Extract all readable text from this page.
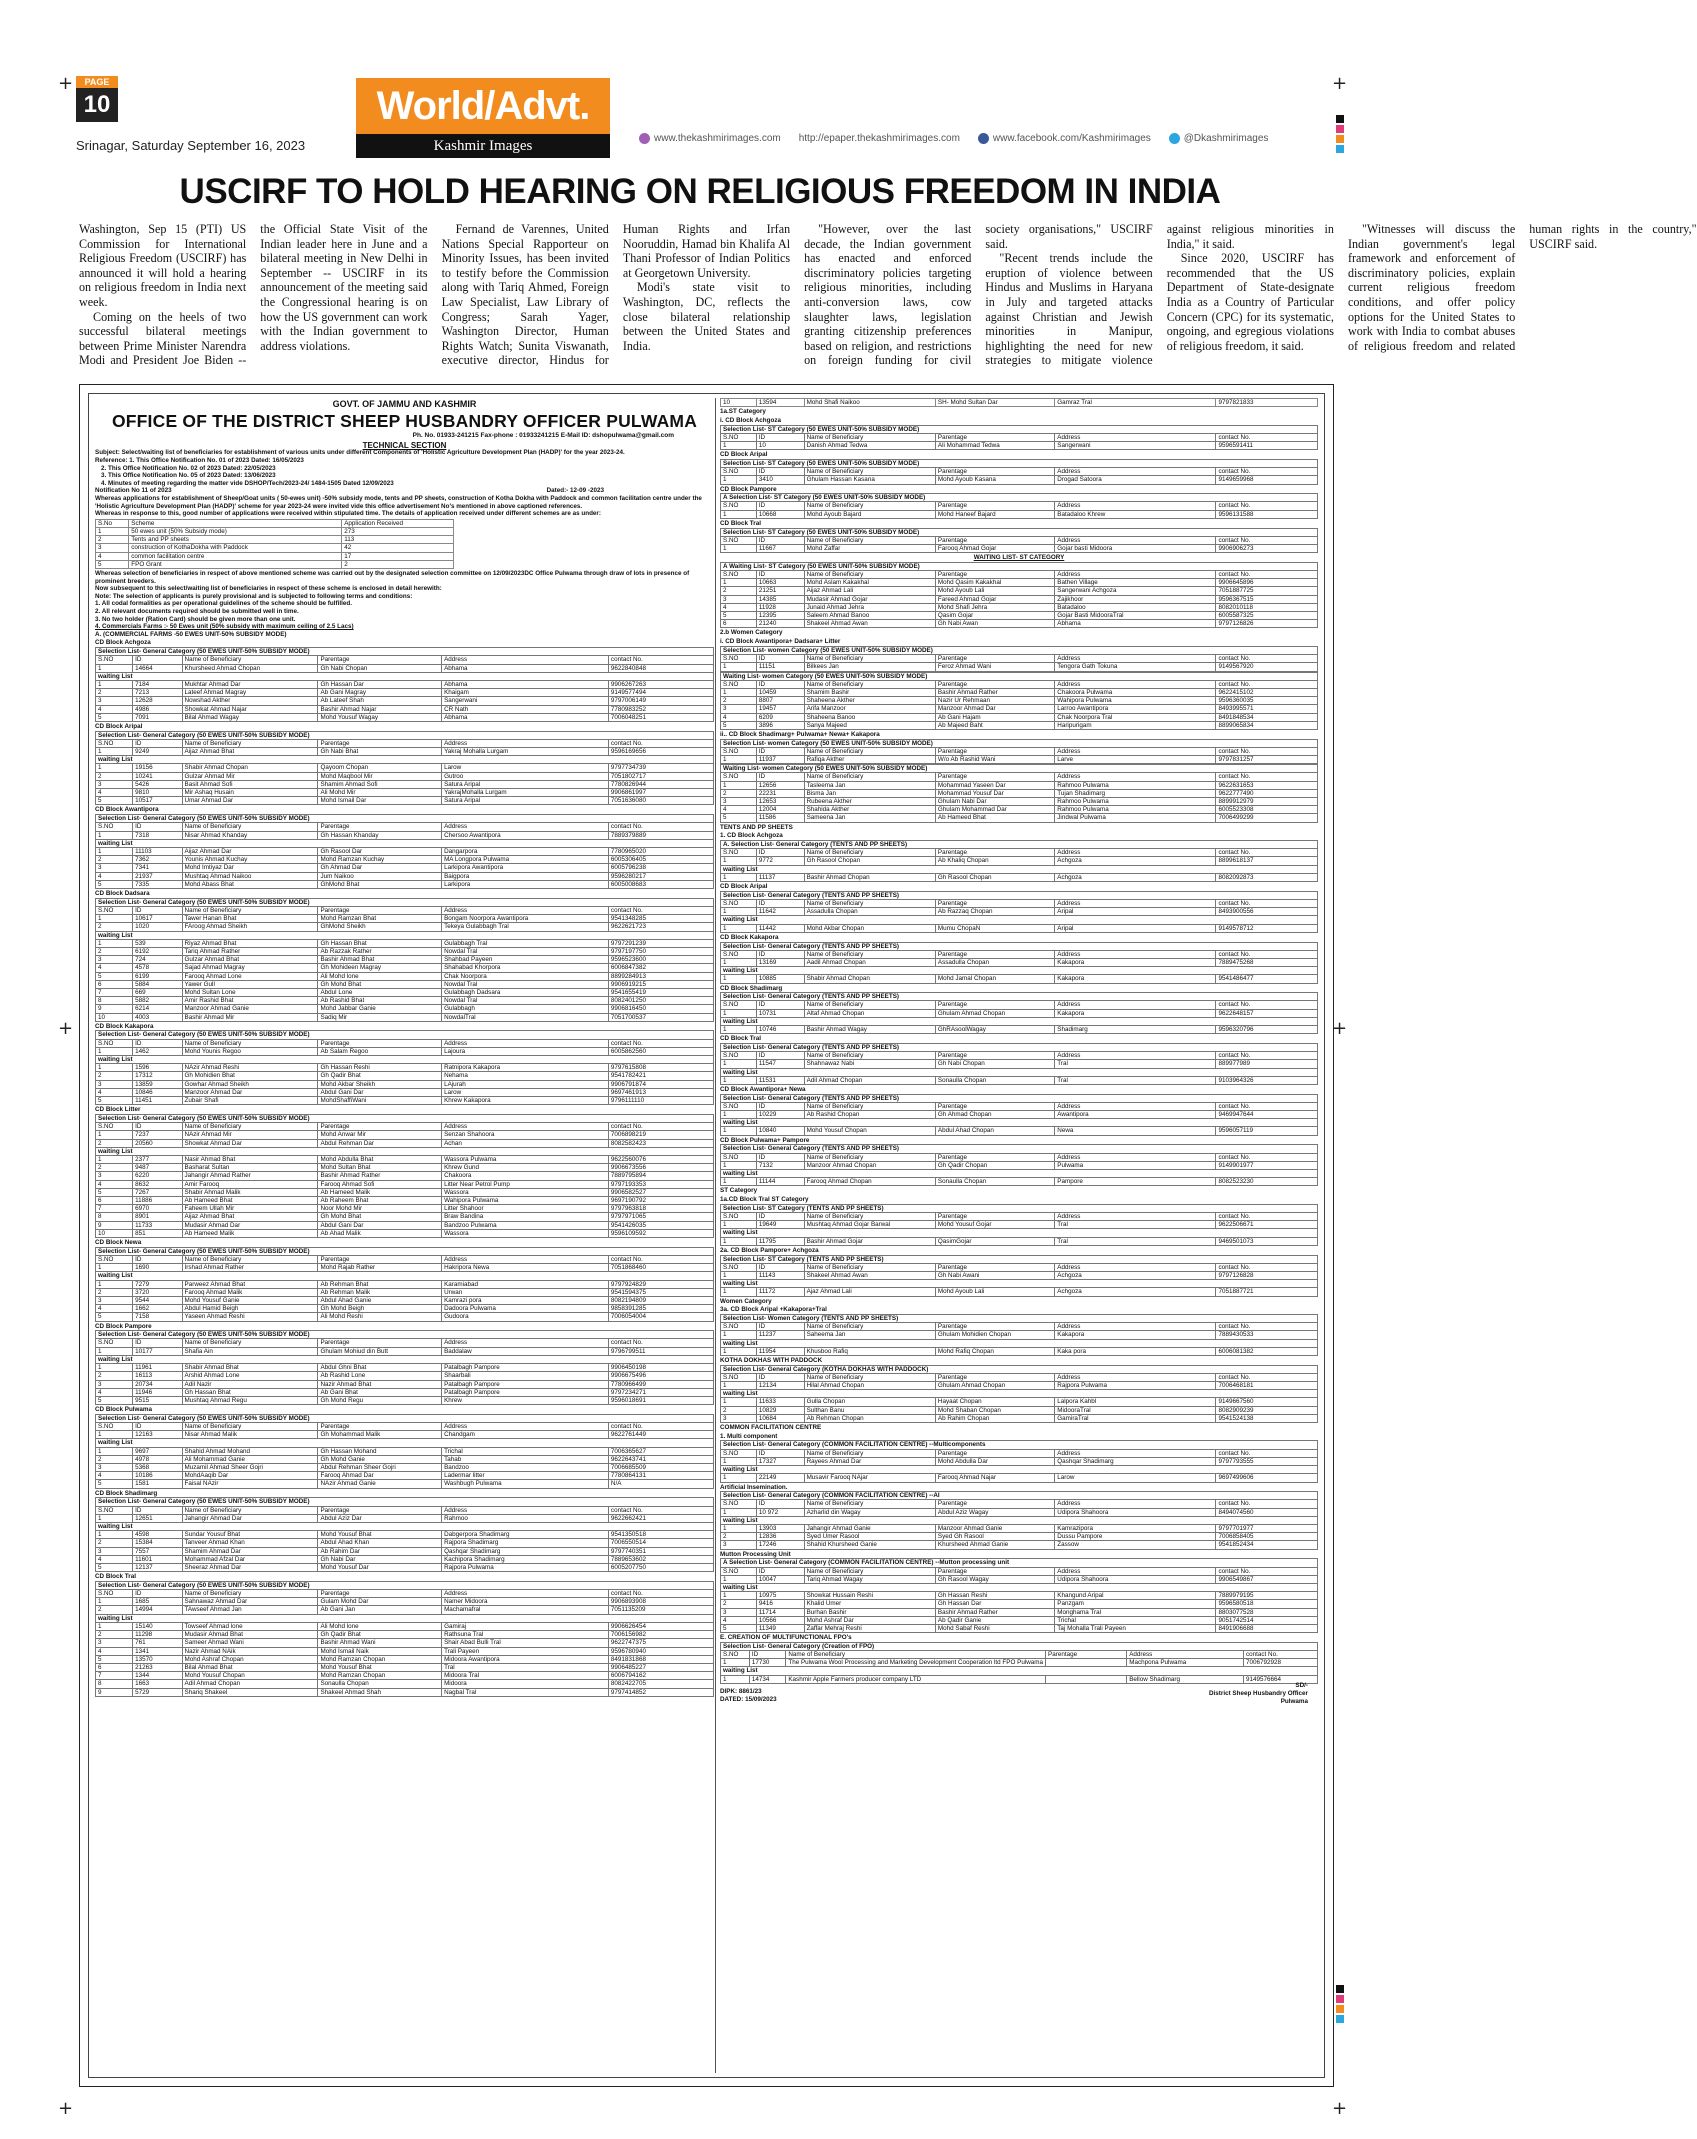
+	+
+	+
+	+
PAGE
10
Srinagar, Saturday September 16, 2023
World/Advt.
Kashmir Images	www.thekashmirimages.com http://epaper.thekashmirimages.com	www.facebook.com/Kashmirimages	@Dkashmirimages
USCIRF TO HOLD HEARING ON RELIGIOUS FREEDOM IN INDIA

Washington, Sep 15 (PTI) US Commission for International Religious Freedom (USCIRF) has announced it will hold a hearing on religious freedom in India next week.

Coming on the heels of two successful bilateral meetings between Prime Minister Narendra Modi and President Joe Biden -- the Official State Visit of the Indian leader here in June and a bilateral meeting in New Delhi in September -- USCIRF in its announcement of the meeting said the Congressional hearing is on how the US government can work with the Indian government to address violations.

Fernand de Varennes, United Nations Special Rapporteur on Minority Issues, has been invited to testify before the Commission along with Tariq Ahmed, Foreign Law Specialist, Law Library of Congress; Sarah Yager, Washington Director, Human Rights Watch; Sunita Viswanath, executive director, Hindus for Human Rights and Irfan Nooruddin, Hamad bin Khalifa Al Thani Professor of Indian Politics at Georgetown University.

Modi's state visit to Washington, DC, reflects the close bilateral relationship between the United States and India.

"However, over the last decade, the Indian government has enacted and enforced discriminatory policies targeting religious minorities, including anti-conversion laws, cow slaughter laws, legislation granting citizenship preferences based on religion, and restrictions on foreign funding for civil society organisations," USCIRF said.

"Recent trends include the eruption of violence between Hindus and Muslims in Haryana in July and targeted attacks against Christian and Jewish minorities in Manipur, highlighting the need for new strategies to mitigate violence against religious minorities in India," it said.

Since 2020, USCIRF has recommended that the US Department of State-designate India as a Country of Particular Concern (CPC) for its systematic, ongoing, and egregious violations of religious freedom, it said.

"Witnesses will discuss the Indian government's legal framework and enforcement of discriminatory policies, explain current religious freedom conditions, and offer policy options for the United States to work with India to combat abuses of religious freedom and related human rights in the country," USCIRF said.

GOVT. OF JAMMU AND KASHMIR
OFFICE OF THE DISTRICT SHEEP HUSBANDRY OFFICER PULWAMA
Ph. No. 01933-241215 Fax-phone : 01933241215 E-Mail ID: dshopulwama@gmail.com
TECHNICAL SECTION
Subject: Select/waiting list of beneficiaries for establishment of various units under different Components of 'Holistic Agriculture Development Plan (HADP)' for the year 2023-24.
Reference: 1. This Office Notification No. 01 of 2023 Dated: 16/05/2023
2. This Office Notification No. 02 of 2023 Dated: 22/05/2023
3. This Office Notification No. 05 of 2023 Dated: 13/06/2023
4. Minutes of meeting regarding the matter vide DSHOP/Tech/2023-24/ 1484-1505 Dated 12/09/2023
Notification No 11 of 2023	Dated:- 12-09 -2023
Whereas applications for establishment of Sheep/Goat units ( 50-ewes unit) -50% subsidy mode, tents and PP sheets, construction of Kotha Dokha with Paddock and common facilitation centre under the 'Holistic Agriculture Development Plan (HADP)' scheme for year 2023-24 were invited vide this office advertisement No's mentioned in above captioned references.
Whereas in response to this, good number of applications were received within stipulated time. The details of application received under different schemes are as under:
S.No	Scheme	Application Received
1	50 ewes unit (50% Subsidy mode)	273
2	Tents and PP sheets	113
3	construction of KothaDokha with Paddock	42
4	common facilitation centre	17
5	FPO Grant	2
Whereas selection of beneficiaries in respect of above mentioned scheme was carried out by the designated selection committee on 12/09/2023DC Office Pulwama through draw of lots in presence of prominent breeders.
Now subsequent to this select/waiting list of beneficiaries in respect of these scheme is enclosed in detail herewith:
Note: The selection of applicants is purely provisional and is subjected to following terms and conditions:
1. All codal formalities as per operational guidelines of the scheme should be fulfilled.
2. All relevant documents required should be submitted well in time.
3. No two holder (Ration Card) should be given more than one unit.
4. Commercials Farms :- 50 Ewes unit (50% subsidy with maximum ceiling of 2.5 Lacs)
A. (COMMERCIAL FARMS -50 EWES UNIT-50% SUBSIDY MODE)
CD Block Achgoza
Selection List- General Category (50 EWES UNIT-50% SUBSIDY MODE)					
S.NO	ID	Name of Beneficiary	Parentage	Address	contact No.
1	14664	Khursheed Ahmad Chopan	Gh Nabi Chopan	Abhama	9622840848
waiting List					
1	7184	Mukhtar Ahmad Dar	Gh Hassan Dar	Abhama	9906267263
2	7213	Lateef Ahmad Magray	Ab Gani Magray	Khaigam	9149577494
3	12628	Nowshad Akther	Ab Lateef Shah	Sangerwani	9797006149
4	4986	Showkat Ahmad Najar	Bashir Ahmad Najar	CR Nath	7780983252
5	7091	Bilal Ahmad Wagay	Mohd Yousuf Wagay	Abhama	7006048251
CD Block Aripal
Selection List- General Category (50 EWES UNIT-50% SUBSIDY MODE)					
S.NO	ID	Name of Beneficiary	Parentage	Address	contact No.
1	9249	Aijaz Ahmad Bhat	Gh Nabi Bhat	Yakraj Mohalla Lurgam	9596169656
waiting List					
1	19156	Shabir Ahmad Chopan	Qayoom Chopan	Larow	9797734739
2	10241	Gulzar Ahmad Mir	Mohd Maqbool Mir	Gutroo	7051802717
3	5426	Basit Ahmad Sofi	Shamim Ahmad Sofi	Satura Aripal	7780826944
4	9810	Mir Ashaq Husain	Ali Mohd Mir	YakrajMohalla Lurgam	9906861997
5	10517	Umar Ahmad Dar	Mohd Ismail Dar	Satura Aripal	7051636080
CD Block Awantipora
Selection List- General Category (50 EWES UNIT-50% SUBSIDY MODE)					
S.NO	ID	Name of Beneficiary	Parentage	Address	contact No.
1	7318	Nisar Ahmad Khanday	Gh Hassan Khanday	Chersoo Awantipora	7889379889
waiting List					
1	11103	Aijaz Ahmad Dar	Gh Rasool Dar	Dangarpora	7780965020
2	7362	Younis Ahmad Kuchay	Mohd Ramzan Kuchay	MA Longpora Pulwama	6005306405
3	7341	Mohd Imtiyaz Dar	Gh Ahmad Dar	Larkipora Awantipora	6005796238
4	21937	Mushtaq Ahmad Naikoo	Jum Naikoo	Baigpora	9596280217
5	7335	Mohd Abass Bhat	GhMohd Bhat	Larkipora	6005008683
CD Block Dadsara
Selection List- General Category (50 EWES UNIT-50% SUBSIDY MODE)					
S.NO	ID	Name of Beneficiary	Parentage	Address	contact No.
1	10617	Tawer Hanan Bhat	Mohd Ramzan Bhat	Bongam Noorpora Awantipora	9541348285
2	1020	FAroog Ahmad Sheikh	GhMohd Sheikh	Tekeya Gulabbagh Tral	9622621723
waiting List					
1	539	Riyaz Ahmad Bhat	Gh Hassan Bhat	Gulabbagh Tral	9797291239
2	6192	Tariq Ahmad Rather	Ab Razzak Rather	Nowdal Tral	9797197750
3	724	Gulzar Ahmad Bhat	Bashir Ahmad Bhat	Shahbad Payeen	9596523600
4	4578	Sajad Ahmad Magray	Gh Mohideen Magray	Shahabad Khorpora	6006847382
5	6199	Farooq Ahmad Lone	Ali Mohd lone	Chak Noorpora	8899284913
6	5884	Yawer Gull	Gh Mohd Bhat	Nowdal Tral	9906919215
7	669	Mohd Sultan Lone	Abdul Lone	Gulabbagh Dadsara	9541655419
8	5882	Amir Rashid Bhat	Ab Rashid Bhat	Nowdal Tral	8082401250
9	6214	Manzoor Ahmad Ganie	Mohd Jabbar Ganie	Gulabbagh	9906816450
10	4003	Bashir Ahmad Mir	Sadiq Mir	NowdalTral	7051700537
CD Block Kakapora
Selection List- General Category (50 EWES UNIT-50% SUBSIDY MODE)					
S.NO	ID	Name of Beneficiary	Parentage	Address	contact No.
1	1462	Mohd Younis Regoo	Ab Salam Regoo	Lajoura	6005862560
waiting List					
1	1596	NAzir Ahmad Reshi	Gh Hassan Reshi	Ratnipora Kakapora	9797615808
2	17312	Gh Mohidien Bhat	Gh Qadir Bhat	Nehama	9541782421
3	13859	Gowhar Ahmad Sheikh	Mohd Akbar Sheikh	LAjurah	9906791874
4	10846	Manzoor Ahmad Dar	Abdul Gani Dar	Larow	9697461913
5	11451	Zubair Shafi	MohdShaffiWani	Khrew Kakapora	9796111110
CD Block Litter
Selection List- General Category (50 EWES UNIT-50% SUBSIDY MODE)					
S.NO	ID	Name of Beneficiary	Parentage	Address	contact No.
1	7237	NAzir Ahmad Mir	Mohd Anwar Mir	Senzan Shahoora	7006898219
2	20560	Showkat Ahmad Dar	Abdul Rehman Dar	Achan	8082582423
waiting List					
1	2377	Nasir Ahmad Bhat	Mohd Abdulla Bhat	Wassora Pulwama	9622560076
2	9487	Basharat Sultan	Mohd Sultan Bhat	Khrew Gund	9906673556
3	6220	Jahangir Ahmad Rather	Bashir Ahmad Rather	Chakoora	7889795894
4	8632	Amir Farooq	Farooq Ahmad Sofi	Litter Near Petrol Pump	9797193353
5	7267	Shabir Ahmad Malik	Ab Hameed Malik	Wassora	9906582527
6	11886	Ab Hameed Bhat	Ab Raheem Bhat	Wahipora Pulwama	9697190792
7	6970	Faheem Ullah Mir	Noor Mohd Mir	Litter Shahoor	9797963818
8	8901	Aijaz Ahmad Bhat	Gh Mohd Bhat	Braw Bandina	9797971065
9	11733	Mudasir Ahmad Dar	Abdul Gani Dar	Bandzoo Pulwama	9541426035
10	851	Ab Hameed Malik	Ab Ahad Malik	Wassora	9596109592
CD Block Newa
Selection List- General Category (50 EWES UNIT-50% SUBSIDY MODE)					
S.NO	ID	Name of Beneficiary	Parentage	Address	contact No.
1	1690	Irshad Ahmad Rather	Mohd Rajab Rather	Hakripora Newa	7051868460
waiting List					
1	7279	Parweez Ahmad Bhat	Ab Rehman Bhat	Karamiabad	9797924829
2	3720	Farooq Ahmad Malik	Ab Rehman Malik	Urwan	9541594375
3	9544	Mohd Yousuf Ganie	Abdul Ahad Ganie	Kamrazi pora	8082194809
4	1662	Abdul Hamid Beigh	Gh Mohd Beigh	Dadoora Pulwama	9858391285
5	7158	Yaseen Ahmad Reshi	Ali Mohd Reshi	Gudoora	7006054004
CD Block Pampore
Selection List- General Category (50 EWES UNIT-50% SUBSIDY MODE)					
S.NO	ID	Name of Beneficiary	Parentage	Address	contact No.
1	10177	Shafia Ain	Ghulam Mohiud din Butt	Baddalaw	9796799511
waiting List					
1	11961	Shabir Ahmad Bhat	Abdul Ghni Bhat	Patalbagh Pampore	9906450198
2	16113	Arshid Ahmad Lone	Ab Rashid Lone	Shaarbali	9906675496
3	20734	Adil Nazir	Nazir Ahmad Bhat	Patalbagh Pampore	7780966499
4	11946	Gh Hassan Bhat	Ab Gani Bhat	Patalbagh Pampore	9797234271
5	9515	Mushtaq Ahmad Regu	Gh Mohd Regu	Khrew	9596018691
CD Block Pulwama
Selection List- General Category (50 EWES UNIT-50% SUBSIDY MODE)					
S.NO	ID	Name of Beneficiary	Parentage	Address	contact No.
1	12163	Nisar Ahmad Malik	Gh Mohammad Malik	Chandgam	9622761449
waiting List					
1	9697	Shahid Ahmad Mohand	Gh Hassan Mohand	Trichal	7006365627
2	4978	Ali Mohammad Ganie	Gh Mohd Ganie	Tahab	9622643741
3	5368	Muzamil Ahmad Sheer Gojri	Abdul Rehman Sheer Gojri	Bandzoo	7006685509
4	10186	MohdAaqib Dar	Farooq Ahmad Dar	Ladermar litter	7780864131
5	1581	Faisal NAzir	NAzir Ahmad Ganie	Washbugh Pulwama	N/A
CD Block Shadimarg
Selection List- General Category (50 EWES UNIT-50% SUBSIDY MODE)					
S.NO	ID	Name of Beneficiary	Parentage	Address	contact No.
1	12651	Jahangir Ahmad Dar	Abdul Aziz Dar	Rahmoo	9622662421
waiting List					
1	4598	Sundar Yousuf Bhat	Mohd Yousuf Bhat	Dabgerpora Shadimarg	9541350518
2	15384	Tanveer Ahmad Khan	Abdul Ahad Khan	Rajpora Shadimarg	7006550514
3	7557	Shamim Ahmad Dar	Ab Rahim Dar	Qashqar Shadimarg	9797740351
4	11601	Mohammad Afzal Dar	Gh Nabi Dar	Kachipora Shadimarg	7889653602
5	12137	Sheeraz Ahmad Dar	Mohd Yousuf Dar	Rajpora Pulwama	6005207750
CD Block Tral
Selection List- General Category (50 EWES UNIT-50% SUBSIDY MODE)					
S.NO	ID	Name of Beneficiary	Parentage	Address	contact No.
1	1685	Sahnawaz Ahmad Dar	Gulam Mohd Dar	Namer Midoora	9906893908
2	14994	TAwseef Ahmad Jan	Ab Gani Jan	Machamafral	7051135209
waiting List					
1	15140	Towseef Ahmad lone	Ali Mohd lone	Gamiraj	9906626454
2	11298	Mudasir Ahmad Bhat	Gh Qadir Bhat	Rathsuna Tral	7006156982
3	761	Sameer Ahmad Wani	Bashir Ahmad Wani	Shair Abad Bulli Tral	9622747375
4	1341	Nazir Ahmad NAik	Mohd Ismail Naik	Trali Payeen	9596780940
5	13570	Mohd Ashraf Chopan	Mohd Ramzan Chopan	Midoora Awantipora	8491831868
6	21263	Bilal Ahmad Bhat	Mohd Yousuf Bhat	Tral	9906485227
7	1344	Mohd Yousuf Chopan	Mohd Ramzan Chopan	Midoora Tral	6006794162
8	1663	Adil Ahmad Chopan	Sonaulla Chopan	Midoora	8082422705
9	5729	Shariq Shakeel	Shakeel Ahmad Shah	Nagbal Tral	9797414852
10	13594	Mohd Shafi Naikoo	SH- Mohd Sultan Dar	Gamraz Tral	9797821833
1a.ST Category
i. CD Block Achgoza
Selection List- ST Category (50 EWES UNIT-50% SUBSIDY MODE)					
S.NO	ID	Name of Beneficiary	Parentage	Address	contact No.
1	10	Danish Ahmad Tedwa	Ali Mohammad Tedwa	Sangerwani	9596591411
CD Block Aripal
Selection List- ST Category (50 EWES UNIT-50% SUBSIDY MODE)					
S.NO	ID	Name of Beneficiary	Parentage	Address	contact No.
1	3410	Ghulam Hassan Kasana	Mohd Ayoub Kasana	Drogad Satoora	9149659968
CD Block Pampore
A Selection List- ST Category (50 EWES UNIT-50% SUBSIDY MODE)					
S.NO	ID	Name of Beneficiary	Parentage	Address	contact No.
1	10668	Mohd Ayoub Bajard	Mohd Haneef Bajard	Batadaloo Khrew	9596131588
CD Block Tral
Selection List- ST Category (50 EWES UNIT-50% SUBSIDY MODE)					
S.NO	ID	Name of Beneficiary	Parentage	Address	contact No.
1	11667	Mohd Zaffar	Farooq Ahmad Gojar	Gojar basti Midoora	9906906273
WAITING LIST- ST CATEGORY
A Waiting List- ST Category (50 EWES UNIT-50% SUBSIDY MODE)					
S.NO	ID	Name of Beneficiary	Parentage	Address	contact No.
1	10663	Mohd Aslam Kakakhal	Mohd Qasim Kakakhal	Bathen Village	9906645896
2	21251	Aijaz Ahmad Lali	Mohd Ayoub Lali	Sangerwani Achgoza	7051887725
3	14385	Mudasir Ahmad Gojar	Fareed Ahmad Gojar	Zajikhoor	9596367515
4	11928	Junaid Ahmad Jehra	Mohd Shafi Jehra	Batadaloo	8082010118
5	12395	Saleem Ahmad Banoo	Qasim Gojar	Gojar Basti MidooraTral	6005587325
6	21240	Shakeel Ahmad Awan	Gh Nabi Awan	Abhama	9797126826
2.b Women Category
i. CD Block Awantipora+ Dadsara+ Litter
Selection List- women Category (50 EWES UNIT-50% SUBSIDY MODE)					
S.NO	ID	Name of Beneficiary	Parentage	Address	contact No.
1	11151	Bilkees Jan	Feroz Ahmad Wani	Tengora Gath Tokuna	9149567920
Waiting List- women Category (50 EWES UNIT-50% SUBSIDY MODE)					
S.NO	ID	Name of Beneficiary	Parentage	Address	contact No.
1	10459	Shamim Bashir	Bashir Ahmad Rather	Chakoora Pulwama	9622415102
2	8807	Shaheena Akther	Nazir Ur Rehmaan	Wahipora Pulwama	9596360035
3	19457	Arifa Manzoor	Manzoor Ahmad Dar	Larroo Awantipora	8493995571
4	6209	Shaheena Banoo	Ab Gani Hajam	Chak Noorpora Tral	8491848534
5	3896	Sanya Majeed	Ab Majeed Baht	Haripurigam	8899065834
ii.. CD Block Shadimarg+ Pulwama+ Newa+ Kakapora
Selection List- women Category (50 EWES UNIT-50% SUBSIDY MODE)					
S.NO	ID	Name of Beneficiary	Parentage	Address	contact No.
1	11937	Rafiqa Akther	W/o Ab Rashid Wani	Larve	9797831257
Waiting List- women Category (50 EWES UNIT-50% SUBSIDY MODE)					
S.NO	ID	Name of Beneficiary	Parentage	Address	contact No.
1	12656	Tasleema Jan	Mohammad Yaseen Dar	Rahmoo Pulwama	9622631653
2	22231	Bisma Jan	Mohammad Yousuf Dar	Tujan Shadimarg	9622777490
3	12653	Rubeena Akther	Ghulam Nabi Dar	Rahmoo Pulwama	8899912979
4	12004	Shahida Akther	Ghulam Mohammad Dar	Rahmoo Pulwama	6005523308
5	11586	Sameena Jan	Ab Hameed Bhat	Jindwal Pulwama	7006499299
TENTS AND PP SHEETS
1. CD Block Achgoza
A. Selection List- General Category (TENTS AND PP SHEETS)					
S.NO	ID	Name of Beneficiary	Parentage	Address	contact No.
1	9772	Gh Rasool Chopan	Ab Khaliq Chopan	Achgoza	8899618137
waiting List					
1	11137	Bashir Ahmad Chopan	Gh Rasool Chopan	Achgoza	8082092873
CD Block Aripal
Selection List- General Category (TENTS AND PP SHEETS)					
S.NO	ID	Name of Beneficiary	Parentage	Address	contact No.
1	11642	Assadulla Chopan	Ab Razzaq Chopan	Aripal	8493900556
waiting List					
1	11442	Mohd Akbar Chopan	Mumu ChopaN	Aripal	9149578712
CD Block Kakapora
Selection List- General Category (TENTS AND PP SHEETS)					
S.NO	ID	Name of Beneficiary	Parentage	Address	contact No.
1	13169	Aadil Ahmad Chopan	Assadulla Chopan	Kakapora	7889475268
waiting List					
1	10885	Shabir Ahmad Chopan	Mohd Jamal Chopan	Kakapora	9541486477
CD Block Shadimarg
Selection List- General Category (TENTS AND PP SHEETS)					
S.NO	ID	Name of Beneficiary	Parentage	Address	contact No.
1	10731	Altaf Ahmad Chopan	Ghulam Ahmad Chopan	Kakapora	9622648157
waiting List					
1	10746	Bashir Ahmad Wagay	GhRAsoolWagay	Shadimarg	9596320796
CD Block Tral
Selection List- General Category (TENTS AND PP SHEETS)					
S.NO	ID	Name of Beneficiary	Parentage	Address	contact No.
1	11547	Shahnawaz Nabi	Gh Nabi Chopan	Tral	889977989
waiting List					
1	11531	Adil Ahmad Chopan	Sonaulla Chopan	Tral	9103964326
CD Block Awantipora+ Newa
Selection List- General Category (TENTS AND PP SHEETS)					
S.NO	ID	Name of Beneficiary	Parentage	Address	contact No.
1	10229	Ab Rashid Chopan	Gh Ahmad Chopan	Awantipora	9469947644
waiting List					
1	10840	Mohd Yousuf Chopan	Abdul Ahad Chopan	Newa	9596057119
CD Block Pulwama+ Pampore
Selection List- General Category (TENTS AND PP SHEETS)					
S.NO	ID	Name of Beneficiary	Parentage	Address	contact No.
1	7132	Manzoor Ahmad Chopan	Gh Qadir Chopan	Pulwama	9149901977
waiting List					
1	11144	Farooq Ahmad Chopan	Sonaulla Chopan	Pampore	8082523230
ST Category
1a.CD Block Tral ST Category
Selection List- ST Category (TENTS AND PP SHEETS)					
S.NO	ID	Name of Beneficiary	Parentage	Address	contact No.
1	19649	Mushtaq Ahmad Gojar Barwal	Mohd Yousuf Gojar	Tral	9622506671
waiting List					
1	11795	Bashir Ahmad Gojar	QasimGojar	Tral	9469501073
2a. CD Block Pampore+ Achgoza
Selection List- ST Category (TENTS AND PP SHEETS)					
S.NO	ID	Name of Beneficiary	Parentage	Address	contact No.
1	11143	Shakeel Ahmad Awan	Gh Nabi Awani	Achgoza	9797126828
waiting List					
1	11172	Ajaz Ahmad Lali	Mohd Ayoub Lali	Achgoza	7051887721
Women Category
3a. CD Block Aripal +Kakapora+Tral
Selection List- Women Category (TENTS AND PP SHEETS)					
S.NO	ID	Name of Beneficiary	Parentage	Address	contact No.
1	11237	Saheema Jan	Ghulam Mohidien Chopan	Kakapora	7889430533
waiting List					
1	11954	Khusboo Rafiq	Mohd Rafiq Chopan	Kaka pora	6006081382
KOTHA DOKHAS WITH PADDOCK
Selection List- General Category (KOTHA DOKHAS WITH PADDOCK)					
S.NO	ID	Name of Beneficiary	Parentage	Address	contact No.
1	12134	Hilal Ahmad Chopan	Ghulam Ahmad Chopan	Rajpora Pulwama	7006468181
waiting List					
1	11633	Gulla Chopan	Hayaat Chopan	Lalpora Kahbl	9149667560
2	10829	Sulthan Banu	Mohd Shaban Chopan	MidooraTral	8082909239
3	10684	Ab Rehman Chopan	Ab Rahim Chopan	GamiraTral	9541524138
COMMON FACILITATION CENTRE
1. Multi component
Selection List- General Category (COMMON FACILITATION CENTRE) --Multicomponents					
S.NO	ID	Name of Beneficiary	Parentage	Address	contact No.
1	17327	Rayees Ahmad Dar	Mohd Abdulla Dar	Qashqar Shadimarg	9797793555
waiting List					
1	22149	Musavir Farooq NAjar	Farooq Ahmad Najar	Larow	9697499606
Artificial Insemination.
Selection List- General Category (COMMON FACILITATION CENTRE) --AI					
S.NO	ID	Name of Beneficiary	Parentage	Address	contact No.
1	10 972	Azharlid din Wagay	Abdul Aziz Wagay	Udipora Shahoora	8494074560
waiting List					
1	13903	Jahangir Ahmad Ganie	Manzoor Ahmad Ganie	Kamrazipora	9797701977
2	12836	Syed Umer Rasool	Syed Gh Rasool	Dussu Pampore	7006858405
3	17246	Shahid Khursheed Ganie	Khursheed Ahmad Ganie	Zassow	9541852434
Mutton Processing Unit
A Selection List- General Category (COMMON FACILITATION CENTRE) --Mutton processing unit					
S.NO	ID	Name of Beneficiary	Parentage	Address	contact No.
1	10047	Tariq Ahmad Wagay	Gh Rasool Wagay	Udipora Shahoora	9906549867
waiting List					
1	10975	Showkat Hussain Reshi	Gh Hassan Reshi	Khangund Aripal	7889979195
2	9416	Khalid Umer	Gh Hassan Dar	Panzgam	9596580518
3	11714	Burhan Bashir	Bashir Ahmad Rather	Monghama Tral	8803077528
4	10566	Mohd Ashraf Dar	Ab Qadir Ganie	Trichal	9051742514
5	11349	Zaffar Mehraj Reshi	Mohd Sabaf Reshi	Taj Mohalla Trali Payeen	8491906688
E. CREATION OF MULTIFUNCTIONAL FPO's
Selection List- General Category (Creation of FPO)					
S.NO	ID	Name of Beneficiary	Parentage	Address	contact No.
1	17730	The Pulwama Wool Processing and Marketing Development Cooperation ltd FPO Pulwama		Machpona Pulwama	7006792928
waiting List					
1	14734	Kashmir Apple Farmers producer company LTD		Bellow Shadimarg	9149576664
DIPK: 8861/23
DATED: 15/09/2023
SD/-
District Sheep Husbandry Officer
Pulwama
